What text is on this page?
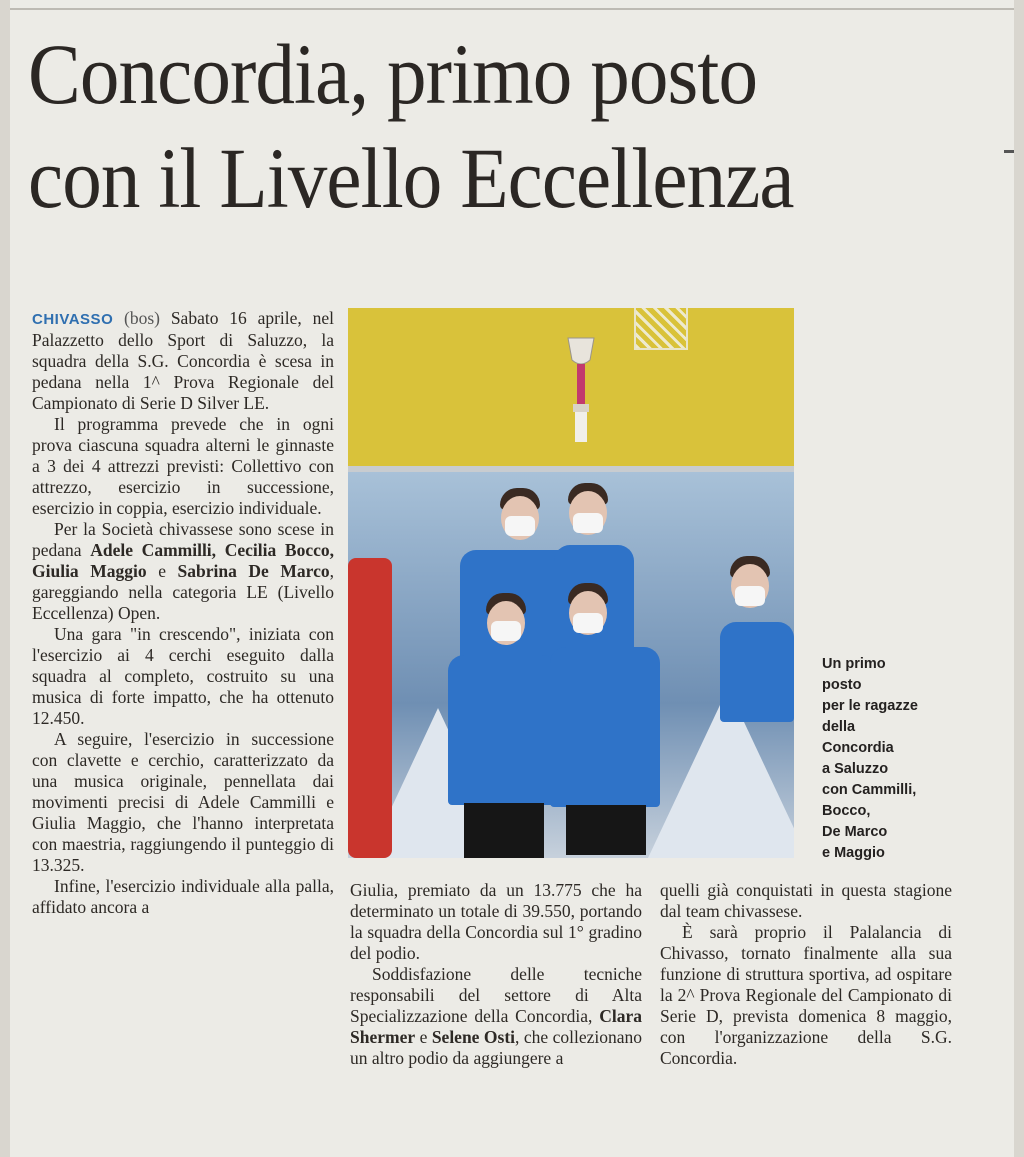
Concordia, primo posto
con il Livello Eccellenza

CHIVASSO (bos) Sabato 16 aprile, nel Palazzetto dello Sport di Saluzzo, la squadra della S.G. Concordia è scesa in pedana nella 1^ Prova Regionale del Campionato di Serie D Silver LE.

Il programma prevede che in ogni prova ciascuna squadra alterni le ginnaste a 3 dei 4 attrezzi previsti: Collettivo con attrezzo, esercizio in successione, esercizio in coppia, esercizio individuale.

Per la Società chivassese sono scese in pedana Adele Cammilli, Cecilia Bocco, Giulia Maggio e Sabrina De Marco, gareggiando nella categoria LE (Livello Eccellenza) Open.

Una gara "in crescendo", iniziata con l'esercizio ai 4 cerchi eseguito dalla squadra al completo, costruito su una musica di forte impatto, che ha ottenuto 12.450.

A seguire, l'esercizio in successione con clavette e cerchio, caratterizzato da una musica originale, pennellata dai movimenti precisi di Adele Cammilli e Giulia Maggio, che l'hanno interpretata con maestria, raggiungendo il punteggio di 13.325.

Infine, l'esercizio individuale alla palla, affidato ancora a

Un primo
posto
per le ragazze
della
Concordia
a Saluzzo
con Cammilli,
Bocco,
De Marco
e Maggio

Giulia, premiato da un 13.775 che ha determinato un totale di 39.550, portando la squadra della Concordia sul 1° gradino del podio.

Soddisfazione delle tecniche responsabili del settore di Alta Specializzazione della Concordia, Clara Shermer e Selene Osti, che collezionano un altro podio da aggiungere a

quelli già conquistati in questa stagione dal team chivassese.

È sarà proprio il Palalancia di Chivasso, tornato finalmente alla sua funzione di struttura sportiva, ad ospitare la 2^ Prova Regionale del Campionato di Serie D, prevista domenica 8 maggio, con l'organizzazione della S.G. Concordia.
